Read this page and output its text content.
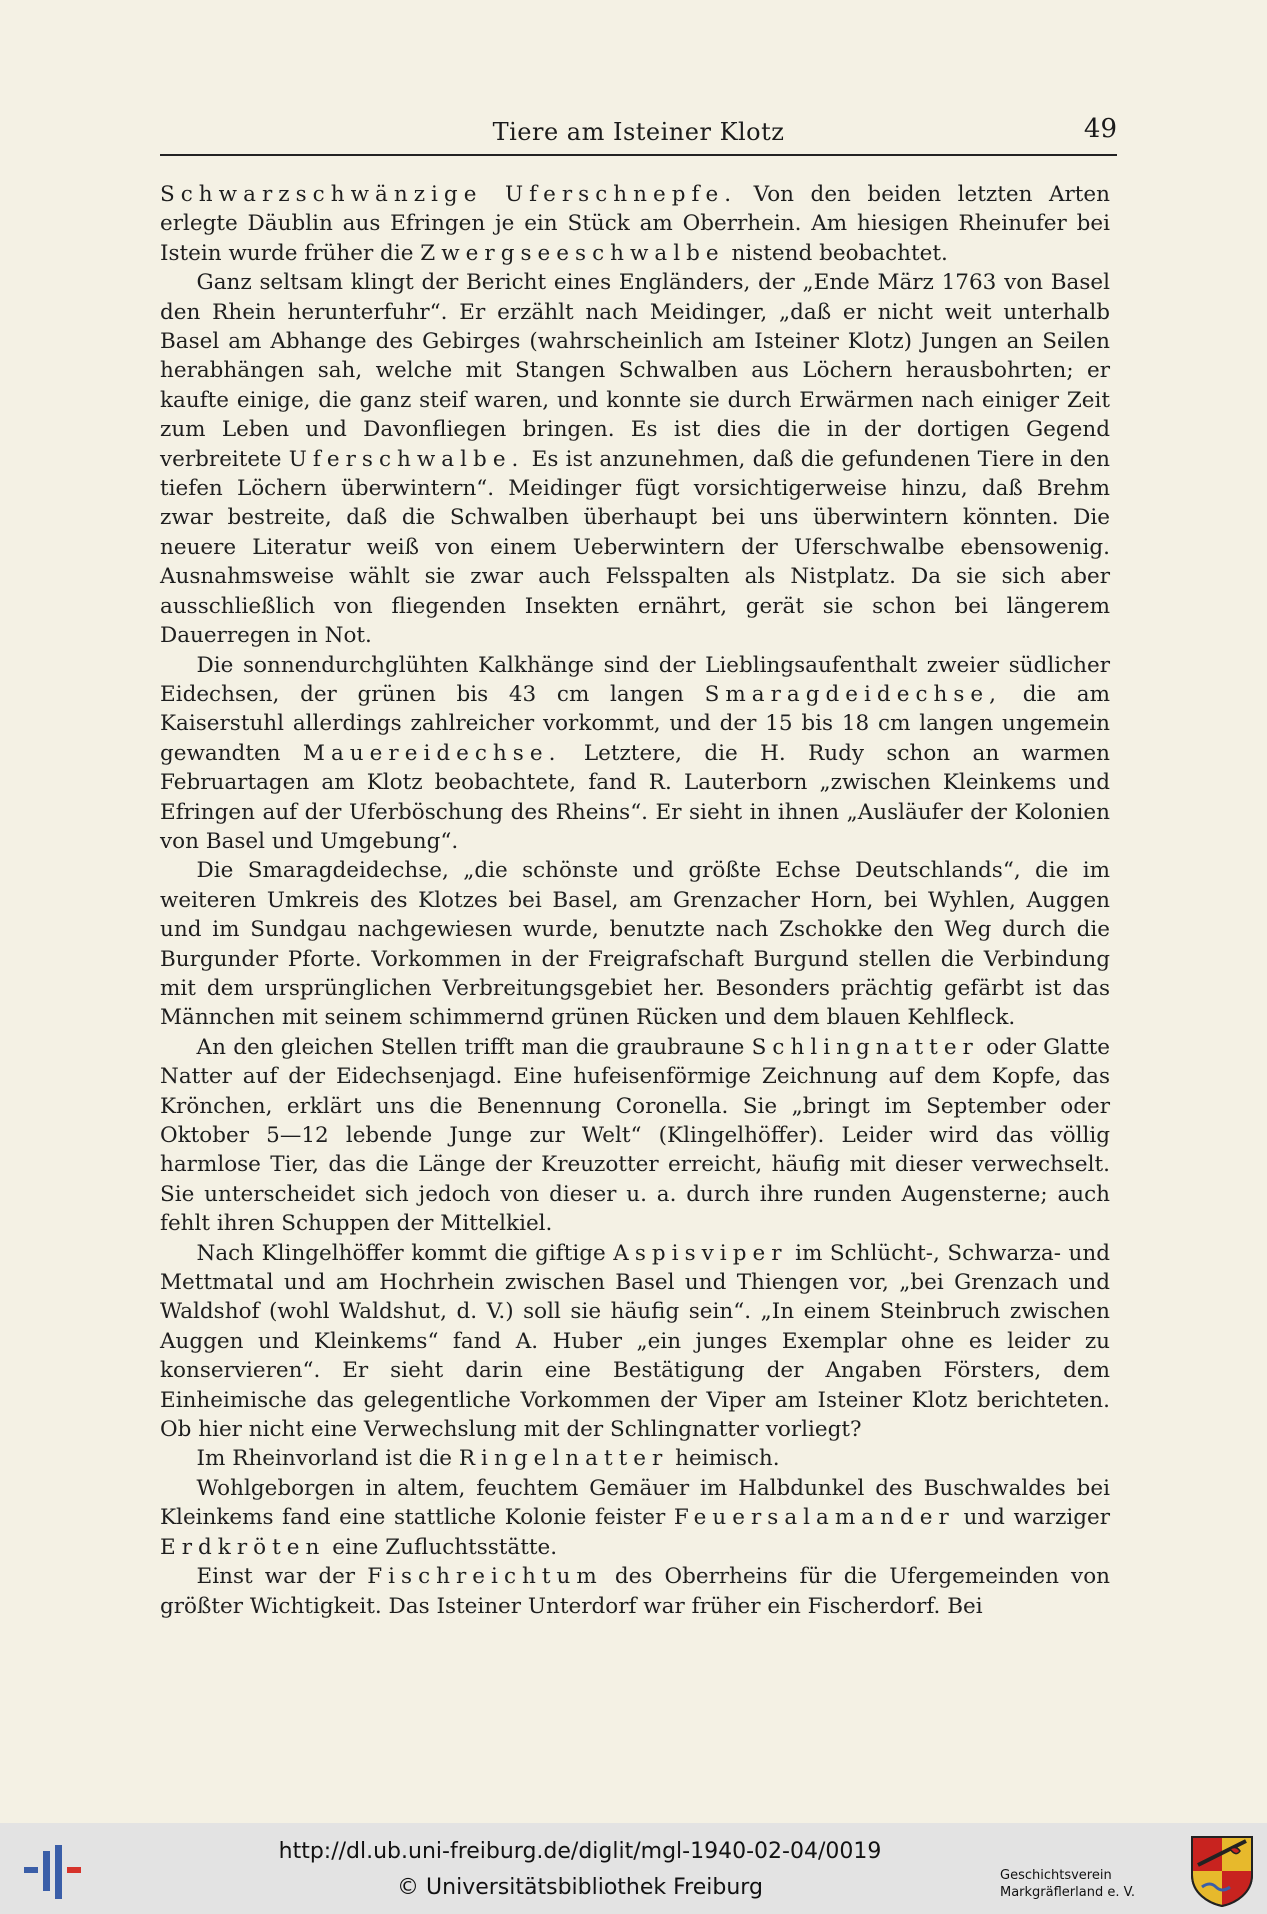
Tiere am Isteiner Klotz	49

Schwarzschwänzige Uferschnepfe. Von den beiden letzten Arten erlegte Däublin aus Efringen je ein Stück am Oberrhein. Am hiesigen Rheinufer bei Istein wurde früher die Zwergseeschwalbe nistend beobachtet.

Ganz seltsam klingt der Bericht eines Engländers, der „Ende März 1763 von Basel den Rhein herunterfuhr“. Er erzählt nach Meidinger, „daß er nicht weit unterhalb Basel am Abhange des Gebirges (wahrscheinlich am Isteiner Klotz) Jungen an Seilen herabhängen sah, welche mit Stangen Schwalben aus Löchern herausbohrten; er kaufte einige, die ganz steif waren, und konnte sie durch Erwärmen nach einiger Zeit zum Leben und Davonfliegen bringen. Es ist dies die in der dortigen Gegend verbreitete Uferschwalbe. Es ist anzunehmen, daß die gefundenen Tiere in den tiefen Löchern überwintern“. Meidinger fügt vorsichtigerweise hinzu, daß Brehm zwar bestreite, daß die Schwalben überhaupt bei uns überwintern könnten. Die neuere Literatur weiß von einem Ueberwintern der Uferschwalbe ebensowenig. Ausnahmsweise wählt sie zwar auch Felsspalten als Nistplatz. Da sie sich aber ausschließlich von fliegenden Insekten ernährt, gerät sie schon bei längerem Dauerregen in Not.

Die sonnendurchglühten Kalkhänge sind der Lieblingsaufenthalt zweier südlicher Eidechsen, der grünen bis 43 cm langen Smaragdeidechse, die am Kaiserstuhl allerdings zahlreicher vorkommt, und der 15 bis 18 cm langen ungemein gewandten Mauereidechse. Letztere, die H. Rudy schon an warmen Februartagen am Klotz beobachtete, fand R. Lauterborn „zwischen Kleinkems und Efringen auf der Uferböschung des Rheins“. Er sieht in ihnen „Ausläufer der Kolonien von Basel und Umgebung“.

Die Smaragdeidechse, „die schönste und größte Echse Deutschlands“, die im weiteren Umkreis des Klotzes bei Basel, am Grenzacher Horn, bei Wyhlen, Auggen und im Sundgau nachgewiesen wurde, benutzte nach Zschokke den Weg durch die Burgunder Pforte. Vorkommen in der Freigrafschaft Burgund stellen die Verbindung mit dem ursprünglichen Verbreitungsgebiet her. Besonders prächtig gefärbt ist das Männchen mit seinem schimmernd grünen Rücken und dem blauen Kehlfleck.

An den gleichen Stellen trifft man die graubraune Schlingnatter oder Glatte Natter auf der Eidechsenjagd. Eine hufeisenförmige Zeichnung auf dem Kopfe, das Krönchen, erklärt uns die Benennung Coronella. Sie „bringt im September oder Oktober 5—12 lebende Junge zur Welt“ (Klingelhöffer). Leider wird das völlig harmlose Tier, das die Länge der Kreuzotter erreicht, häufig mit dieser verwechselt. Sie unterscheidet sich jedoch von dieser u. a. durch ihre runden Augensterne; auch fehlt ihren Schuppen der Mittelkiel.

Nach Klingelhöffer kommt die giftige Aspisviper im Schlücht-, Schwarza- und Mettmatal und am Hochrhein zwischen Basel und Thiengen vor, „bei Grenzach und Waldshof (wohl Waldshut, d. V.) soll sie häufig sein“. „In einem Steinbruch zwischen Auggen und Kleinkems“ fand A. Huber „ein junges Exemplar ohne es leider zu konservieren“. Er sieht darin eine Bestätigung der Angaben Försters, dem Einheimische das gelegentliche Vorkommen der Viper am Isteiner Klotz berichteten. Ob hier nicht eine Verwechslung mit der Schlingnatter vorliegt?

Im Rheinvorland ist die Ringelnatter heimisch.

Wohlgeborgen in altem, feuchtem Gemäuer im Halbdunkel des Buschwaldes bei Kleinkems fand eine stattliche Kolonie feister Feuersalamander und warziger Erdkröten eine Zufluchtsstätte.

Einst war der Fischreichtum des Oberrheins für die Ufergemeinden von größter Wichtigkeit. Das Isteiner Unterdorf war früher ein Fischerdorf. Bei

http://dl.ub.uni-freiburg.de/diglit/mgl-1940-02-04/0019
© Universitätsbibliothek Freiburg	Geschichtsverein
Markgräflerland e. V.
